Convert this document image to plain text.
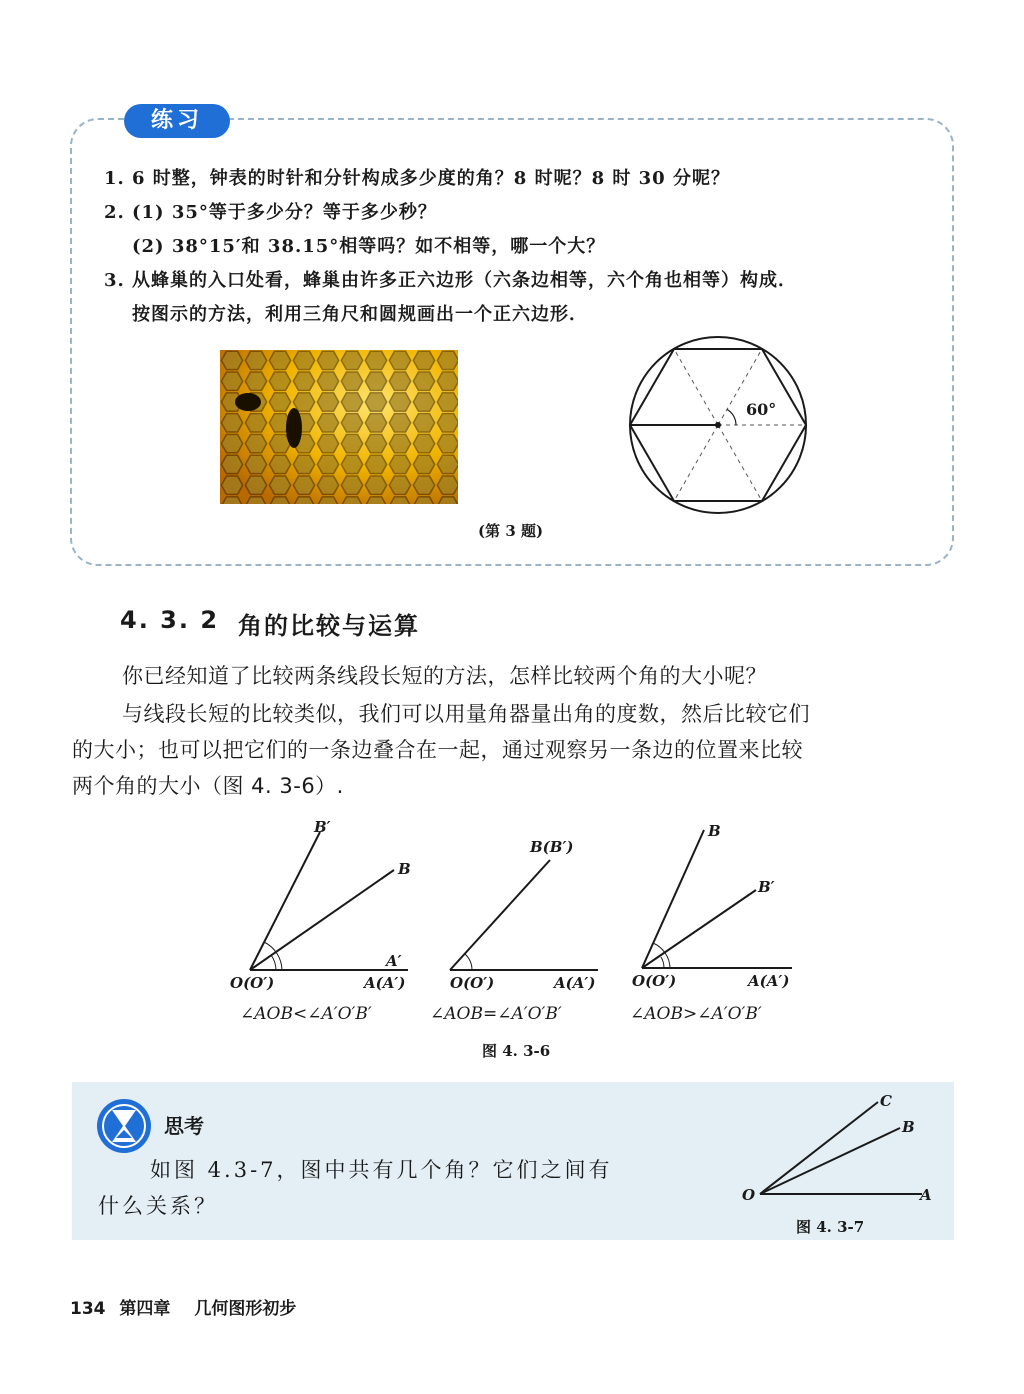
练习
1. 6 时整，钟表的时针和分针构成多少度的角？8 时呢？8 时 30 分呢？
2. (1) 35°等于多少分？等于多少秒？
(2) 38°15′和 38.15°相等吗？如不相等，哪一个大？
3. 从蜂巢的入口处看，蜂巢由许多正六边形（六条边相等，六个角也相等）构成．
按图示的方法，利用三角尺和圆规画出一个正六边形．
60°
(第 3 题)
4. 3. 2 角的比较与运算
你已经知道了比较两条线段长短的方法，怎样比较两个角的大小呢？
与线段长短的比较类似，我们可以用量角器量出角的度数，然后比较它们
的大小；也可以把它们的一条边叠合在一起，通过观察另一条边的位置来比较
两个角的大小（图 4. 3-6）.
B′
B
A′
O(O′)	A(A′)
∠AOB<∠A′O′B′
B(B′)
O(O′)	A(A′)
∠AOB=∠A′O′B′
B
B′
O(O′)	A(A′)
∠AOB>∠A′O′B′
图 4. 3-6
思考
如图 4.3-7，图中共有几个角？它们之间有
什么关系？
C
B
O	A
图 4. 3-7
134 第四章 几何图形初步
